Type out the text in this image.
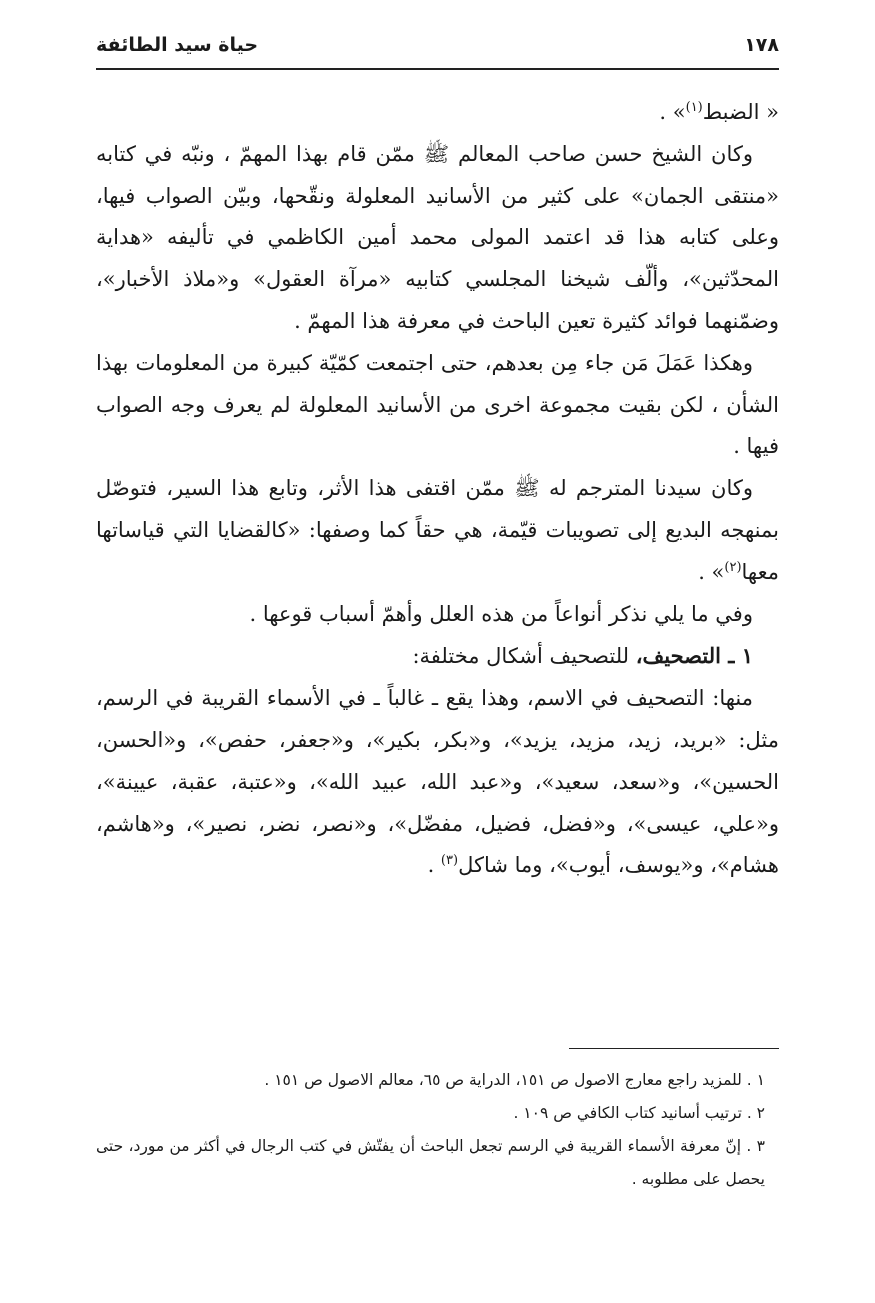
١٧٨
حياة سيد الطائفة

« الضبط$^{(١)}$» .

وكان الشيخ حسن صاحب المعالم ﷺ ممّن قام بهذا المهمّ ، ونبّه في كتابه «منتقى الجمان» على كثير من الأسانيد المعلولة ونقّحها، وبيّن الصواب فيها، وعلى كتابه هذا قد اعتمد المولى محمد أمين الكاظمي في تأليفه «هداية المحدّثين»، وألّف شيخنا المجلسي كتابيه «مرآة العقول» و«ملاذ الأخبار»، وضمّنهما فوائد كثيرة تعين الباحث في معرفة هذا المهمّ .

وهكذا عَمَلَ مَن جاء مِن بعدهم، حتى اجتمعت كمّيّة كبيرة من المعلومات بهذا الشأن ، لكن بقيت مجموعة اخرى من الأسانيد المعلولة لم يعرف وجه الصواب فيها .

وكان سيدنا المترجم له ﷺ ممّن اقتفى هذا الأثر، وتابع هذا السير، فتوصّل بمنهجه البديع إلى تصويبات قيّمة، هي حقاً كما وصفها: «كالقضايا التي قياساتها معها$^{(٢)}$» .

وفي ما يلي نذكر أنواعاً من هذه العلل وأهمّ أسباب قوعها .

١ ـ التصحيف، للتصحيف أشكال مختلفة:

منها: التصحيف في الاسم، وهذا يقع ـ غالباً ـ في الأسماء القريبة في الرسم، مثل: «بريد، زيد، مزيد، يزيد»، و«بكر، بكير»، و«جعفر، حفص»، و«الحسن، الحسين»، و«سعد، سعيد»، و«عبد الله، عبيد الله»، و«عتبة، عقبة، عيينة»، و«علي، عيسى»، و«فضل، فضيل، مفضّل»، و«نصر، نضر، نصير»، و«هاشم، هشام»، و«يوسف، أيوب»، وما شاكل$^{(٣)}$ .

١ . للمزيد راجع معارج الاصول ص ١٥١، الدراية ص ٦٥، معالم الاصول ص ١٥١ .

٢ . ترتيب أسانيد كتاب الكافي ص ١٠٩ .

٣ . إنّ معرفة الأسماء القريبة في الرسم تجعل الباحث أن يفتّش في كتب الرجال في أكثر من مورد، حتى يحصل على مطلوبه .
